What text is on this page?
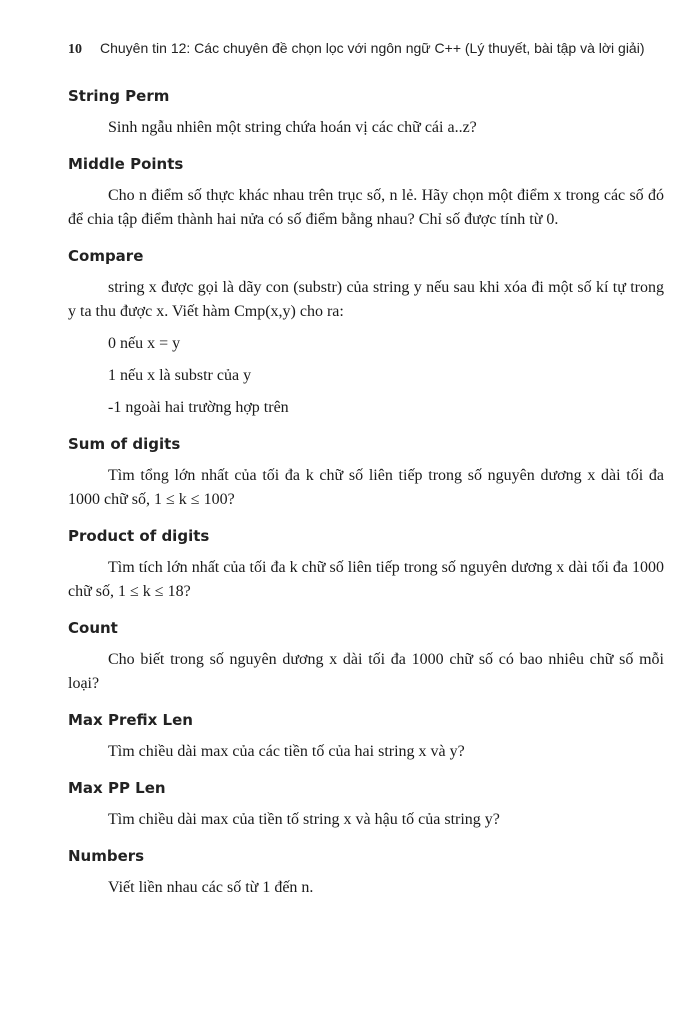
10 Chuyên tin 12: Các chuyên đề chọn lọc với ngôn ngữ C++ (Lý thuyết, bài tập và lời giải)
String Perm

Sinh ngẫu nhiên một string chứa hoán vị các chữ cái a..z?

Middle Points

Cho n điểm số thực khác nhau trên trục số, n lẻ. Hãy chọn một điểm x trong các số đó để chia tập điểm thành hai nửa có số điểm bằng nhau? Chỉ số được tính từ 0.

Compare

string x được gọi là dãy con (substr) của string y nếu sau khi xóa đi một số kí tự trong y ta thu được x. Viết hàm Cmp(x,y) cho ra:

0 nếu x = y

1 nếu x là substr của y

-1 ngoài hai trường hợp trên

Sum of digits

Tìm tổng lớn nhất của tối đa k chữ số liên tiếp trong số nguyên dương x dài tối đa 1000 chữ số, 1 ≤ k ≤ 100?

Product of digits

Tìm tích lớn nhất của tối đa k chữ số liên tiếp trong số nguyên dương x dài tối đa 1000 chữ số, 1 ≤ k ≤ 18?

Count

Cho biết trong số nguyên dương x dài tối đa 1000 chữ số có bao nhiêu chữ số mỗi loại?

Max Prefix Len

Tìm chiều dài max của các tiền tố của hai string x và y?

Max PP Len

Tìm chiều dài max của tiền tố string x và hậu tố của string y?

Numbers

Viết liền nhau các số từ 1 đến n.
